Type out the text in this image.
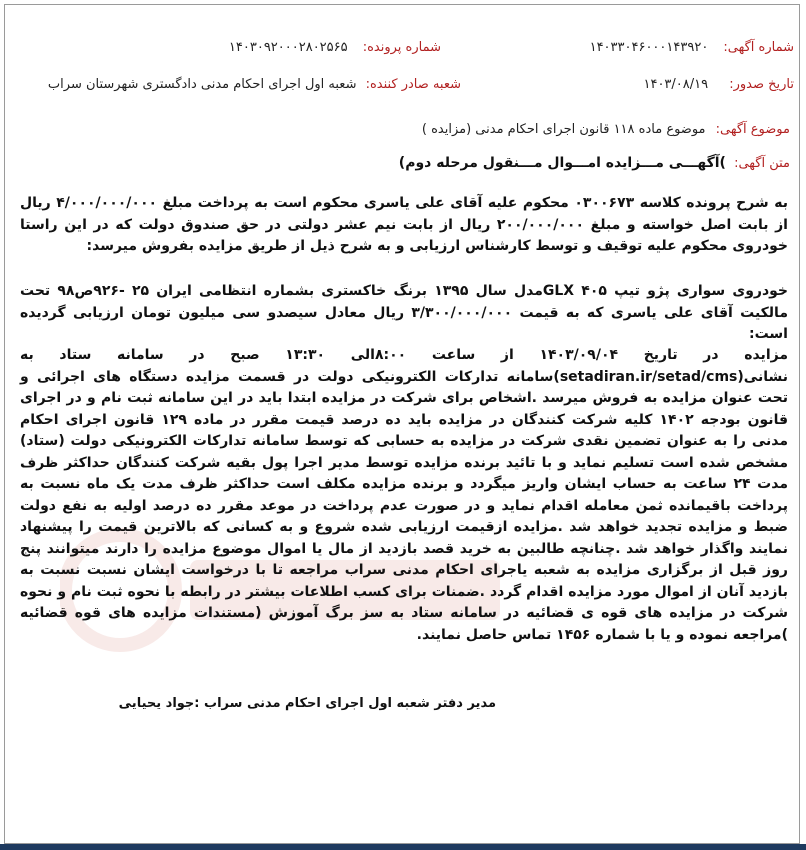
شماره آگهی: ۱۴۰۳۳۰۴۶۰۰۰۱۴۳۹۲۰
شماره پرونده: ۱۴۰۳۰۹۲۰۰۰۲۸۰۲۵۶۵
تاریخ صدور: ۱۴۰۳/۰۸/۱۹
شعبه صادر کننده: شعبه اول اجرای احکام مدنی دادگستری شهرستان سراب
موضوع آگهی: موضوع ماده ۱۱۸ قانون اجرای احکام مدنی (مزایده )
متن آگهی: )آگهـــی مـــزایده امـــوال مـــنقول مرحله دوم)

به شرح پرونده کلاسه ۰۳۰۰۶۷۳ محکوم علیه آقای علی یاسری محکوم است به پرداخت مبلغ ۴/۰۰۰/۰۰۰/۰۰۰ ریال از بابت اصل خواسته و مبلغ ۲۰۰/۰۰۰/۰۰۰ ریال از بابت نیم عشر دولتی در حق صندوق دولت که در این راستا خودروی محکوم علیه توقیف و توسط کارشناس ارزیابی و به شرح ذیل از طریق مزایده بفروش میرسد:

خودروی سواری پژو تیپ GLX ۴۰۵مدل سال ۱۳۹۵ برنگ خاکستری بشماره انتظامی ایران ۲۵ -۹۲۶ص۹۸ تحت مالکیت آقای علی یاسری که به قیمت ۳/۳۰۰/۰۰۰/۰۰۰ ریال معادل سیصدو سی میلیون تومان ارزیابی گردیده است:

مزایده در تاریخ ۱۴۰۳/۰۹/۰۴ از ساعت ۸:۰۰الی ۱۳:۳۰ صبح در سامانه ستاد به نشانی(setadiran.ir/setad/cms)سامانه تدارکات الکترونیکی دولت در قسمت مزایده دستگاه های اجرائی و تحت عنوان مزایده به فروش میرسد .اشخاص برای شرکت در مزایده ابتدا باید در این سامانه ثبت نام و در اجرای قانون بودجه ۱۴۰۲ کلیه شرکت کنندگان در مزایده باید ده درصد قیمت مقرر در ماده ۱۲۹ قانون اجرای احکام مدنی را به عنوان تضمین نقدی شرکت در مزایده به حسابی که توسط سامانه تدارکات الکترونیکی دولت (ستاد) مشخص شده است تسلیم نماید و با تائید برنده مزایده توسط مدیر اجرا پول بقیه شرکت کنندگان حداکثر ظرف مدت ۲۴ ساعت به حساب ایشان واریز میگردد و برنده مزایده مکلف است حداکثر ظرف مدت یک ماه نسبت به پرداخت باقیمانده ثمن معامله اقدام نماید و در صورت عدم پرداخت در موعد مقرر ده درصد اولیه به نفع دولت ضبط و مزایده تجدید خواهد شد .مزایده ازقیمت ارزیابی شده شروع و به کسانی که بالاترین قیمت را پیشنهاد نمایند واگذار خواهد شد .چنانچه طالبین به خرید قصد بازدید از مال یا اموال موضوع مزایده را دارند میتوانند پنج روز قبل از برگزاری مزایده به شعبه یاجرای احکام مدنی سراب مراجعه تا با درخواست ایشان نسبت نسبت به بازدید آنان از اموال مورد مزایده اقدام گردد .ضمنات برای کسب اطلاعات بیشتر در رابطه با نحوه ثبت نام و نحوه شرکت در مزایده های قوه ی قضائیه در سامانه ستاد به سز برگ آموزش (مستندات مزایده های قوه قضائیه )مراجعه نموده و یا با شماره ۱۴۵۶ تماس حاصل نمایند.

مدیر دفتر شعبه اول اجرای احکام مدنی سراب :جواد یحیایی
